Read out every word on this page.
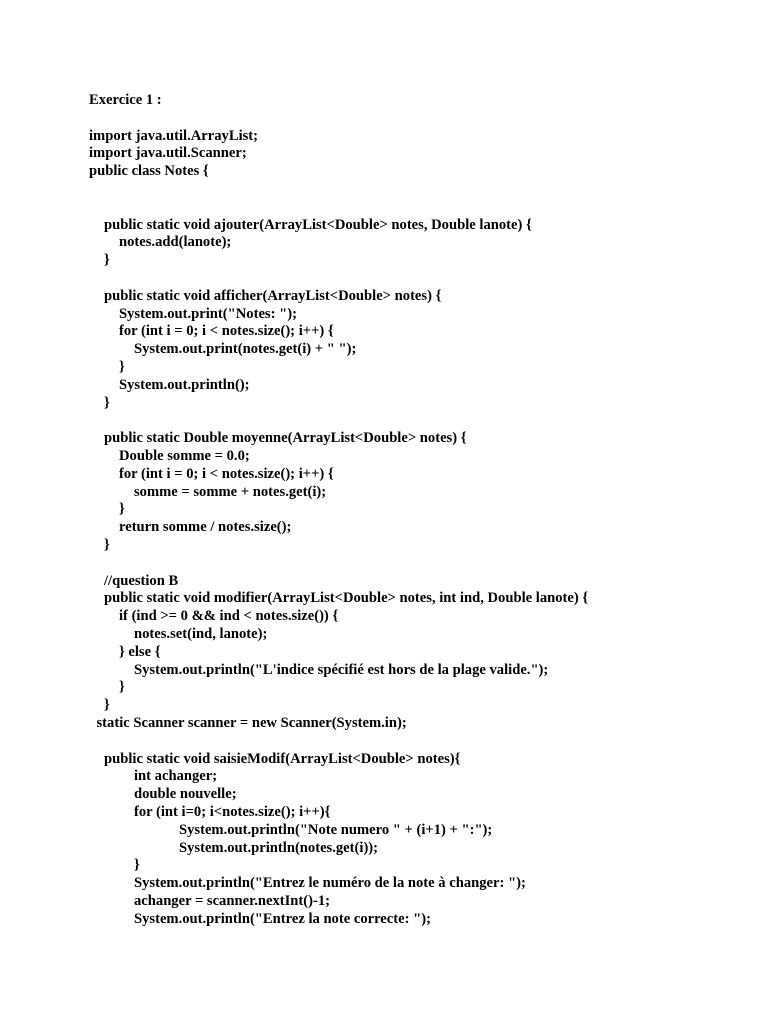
Exercice 1 :
import java.util.ArrayList;
import java.util.Scanner;
public class Notes {
public static void ajouter(ArrayList<Double> notes, Double lanote) {
notes.add(lanote);
}
public static void afficher(ArrayList<Double> notes) {
System.out.print("Notes: ");
for (int i = 0; i < notes.size(); i++) {
System.out.print(notes.get(i) + " ");
}
System.out.println();
}
public static Double moyenne(ArrayList<Double> notes) {
Double somme = 0.0;
for (int i = 0; i < notes.size(); i++) {
somme = somme + notes.get(i);
}
return somme / notes.size();
}
//question B
public static void modifier(ArrayList<Double> notes, int ind, Double lanote) {
if (ind >= 0 && ind < notes.size()) {
notes.set(ind, lanote);
} else {
System.out.println("L'indice spécifié est hors de la plage valide.");
}
}
static Scanner scanner = new Scanner(System.in);
public static void saisieModif(ArrayList<Double> notes){
int achanger;
double nouvelle;
for (int i=0; i<notes.size(); i++){
System.out.println("Note numero " + (i+1) + ":");
System.out.println(notes.get(i));
}
System.out.println("Entrez le numéro de la note à changer: ");
achanger = scanner.nextInt()-1;
System.out.println("Entrez la note correcte: ");
